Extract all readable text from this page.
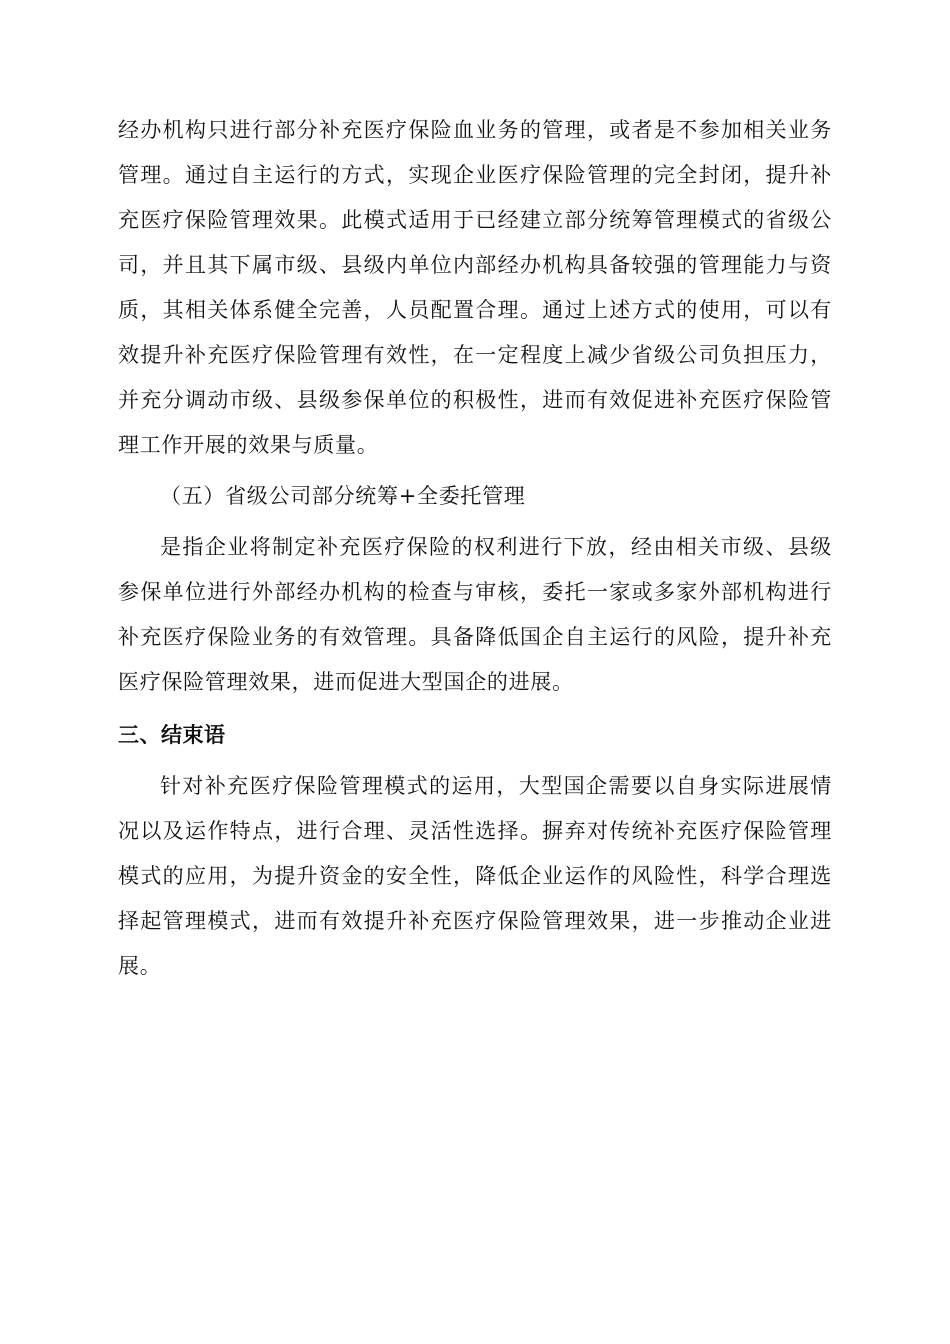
经办机构只进行部分补充医疗保险血业务的管理，或者是不参加相关业务管理。通过自主运行的方式，实现企业医疗保险管理的完全封闭，提升补充医疗保险管理效果。此模式适用于已经建立部分统筹管理模式的省级公司，并且其下属市级、县级内单位内部经办机构具备较强的管理能力与资质，其相关体系健全完善，人员配置合理。通过上述方式的使用，可以有效提升补充医疗保险管理有效性，在一定程度上减少省级公司负担压力，并充分调动市级、县级参保单位的积极性，进而有效促进补充医疗保险管理工作开展的效果与质量。

（五）省级公司部分统筹+全委托管理

是指企业将制定补充医疗保险的权利进行下放，经由相关市级、县级参保单位进行外部经办机构的检查与审核，委托一家或多家外部机构进行补充医疗保险业务的有效管理。具备降低国企自主运行的风险，提升补充医疗保险管理效果，进而促进大型国企的进展。

三、结束语

针对补充医疗保险管理模式的运用，大型国企需要以自身实际进展情况以及运作特点，进行合理、灵活性选择。摒弃对传统补充医疗保险管理模式的应用，为提升资金的安全性，降低企业运作的风险性，科学合理选择起管理模式，进而有效提升补充医疗保险管理效果，进一步推动企业进展。
